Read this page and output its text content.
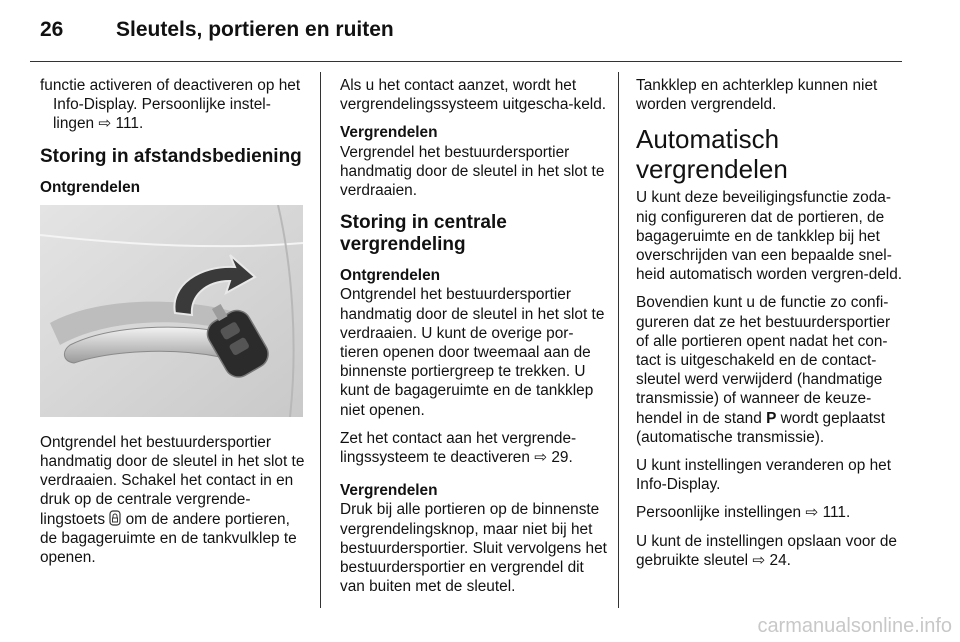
26	Sleutels, portieren en ruiten

functie activeren of deactiveren op het Info-Display. Persoonlijke instel-lingen ⇨ 111.

Storing in afstandsbediening
Ontgrendelen

Ontgrendel het bestuurdersportier handmatig door de sleutel in het slot te verdraaien. Schakel het contact in en druk op de centrale vergrende-lingstoets  om de andere portieren, de bagageruimte en de tankvulklep te openen.

Als u het contact aanzet, wordt het vergrendelingssysteem uitgescha-keld.

Vergrendelen

Vergrendel het bestuurdersportier handmatig door de sleutel in het slot te verdraaien.

Storing in centrale vergrendeling
Ontgrendelen

Ontgrendel het bestuurdersportier handmatig door de sleutel in het slot te verdraaien. U kunt de overige por-tieren openen door tweemaal aan de binnenste portiergreep te trekken. U kunt de bagageruimte en de tankklep niet openen.

Zet het contact aan het vergrende-lingssysteem te deactiveren ⇨ 29.

Vergrendelen

Druk bij alle portieren op de binnenste vergrendelingsknop, maar niet bij het bestuurdersportier. Sluit vervolgens het bestuurdersportier en vergrendel dit van buiten met de sleutel.

Tankklep en achterklep kunnen niet worden vergrendeld.

Automatisch vergrendelen

U kunt deze beveiligingsfunctie zoda-nig configureren dat de portieren, de bagageruimte en de tankklep bij het overschrijden van een bepaalde snel-heid automatisch worden vergren-deld.

Bovendien kunt u de functie zo confi-gureren dat ze het bestuurdersportier of alle portieren opent nadat het con-tact is uitgeschakeld en de contact-sleutel werd verwijderd (handmatige transmissie) of wanneer de keuze-hendel in de stand P wordt geplaatst (automatische transmissie).

U kunt instellingen veranderen op het Info-Display.

Persoonlijke instellingen ⇨ 111.

U kunt de instellingen opslaan voor de gebruikte sleutel ⇨ 24.

carmanualsonline.info
